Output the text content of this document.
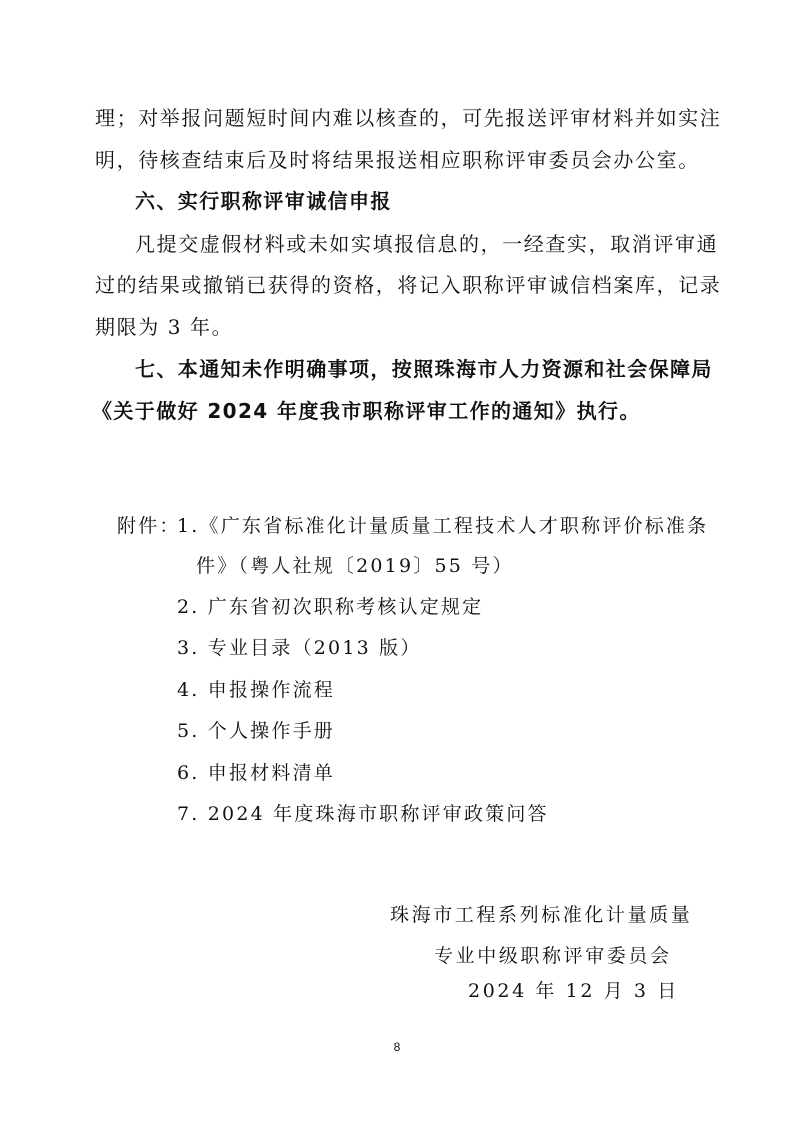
理；对举报问题短时间内难以核查的，可先报送评审材料并如实注
明，待核查结束后及时将结果报送相应职称评审委员会办公室。
六、实行职称评审诚信申报
凡提交虚假材料或未如实填报信息的，一经查实，取消评审通
过的结果或撤销已获得的资格，将记入职称评审诚信档案库，记录
期限为 3 年。
七、本通知未作明确事项，按照珠海市人力资源和社会保障局
《关于做好 2024 年度我市职称评审工作的通知》执行。
附件：
1.《广东省标准化计量质量工程技术人才职称评价标准条
件》（粤人社规〔2019〕55 号）
2. 广东省初次职称考核认定规定
3. 专业目录（2013 版）
4. 申报操作流程
5. 个人操作手册
6. 申报材料清单
7. 2024 年度珠海市职称评审政策问答
珠海市工程系列标准化计量质量
专业中级职称评审委员会
2024 年 12 月 3 日
8
